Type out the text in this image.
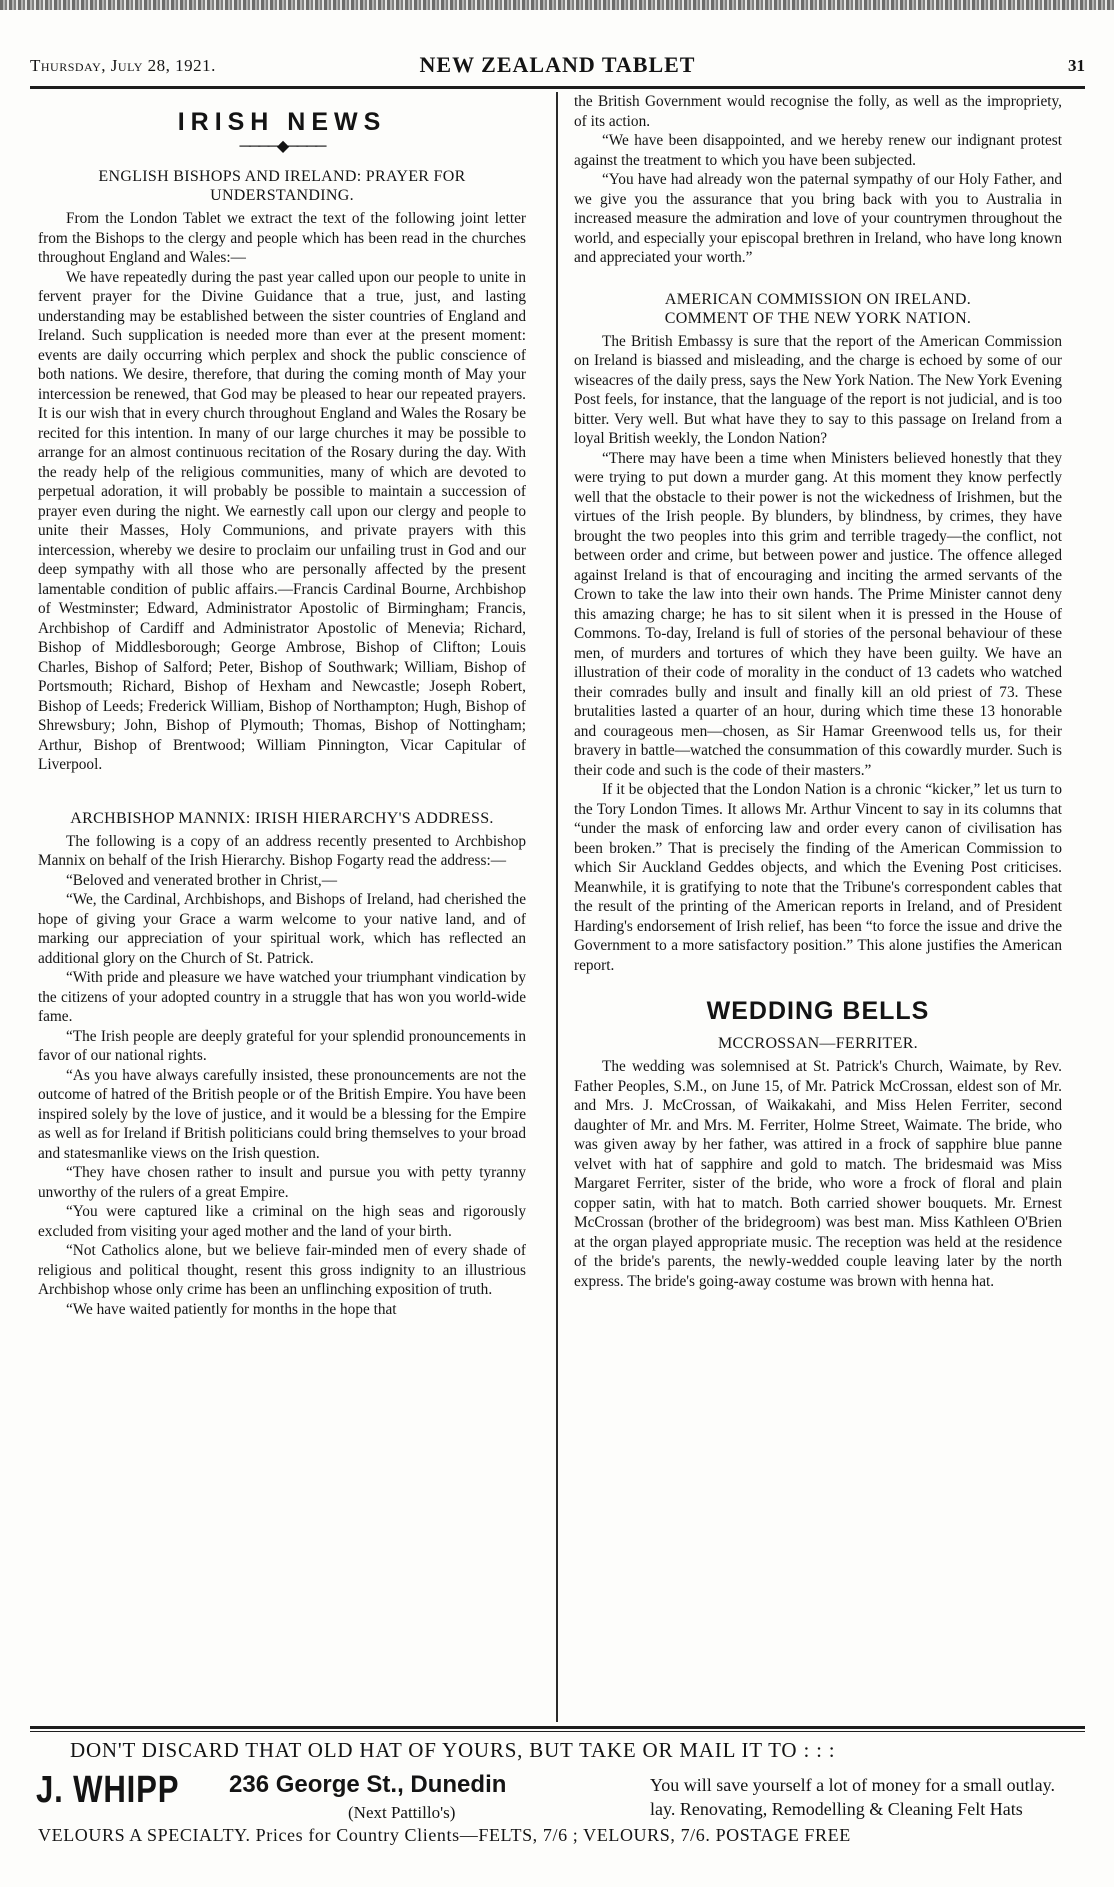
Thursday, July 28, 1921.	NEW ZEALAND TABLET	31
IRISH NEWS
────◆────
ENGLISH BISHOPS AND IRELAND: PRAYER FOR UNDERSTANDING.

From the London Tablet we extract the text of the following joint letter from the Bishops to the clergy and people which has been read in the churches throughout England and Wales:—

We have repeatedly during the past year called upon our people to unite in fervent prayer for the Divine Guidance that a true, just, and lasting understanding may be established between the sister countries of England and Ireland. Such supplication is needed more than ever at the present moment: events are daily occurring which perplex and shock the public conscience of both nations. We desire, therefore, that during the coming month of May your intercession be renewed, that God may be pleased to hear our repeated prayers. It is our wish that in every church throughout England and Wales the Rosary be recited for this intention. In many of our large churches it may be possible to arrange for an almost continuous recitation of the Rosary during the day. With the ready help of the religious communities, many of which are devoted to perpetual adoration, it will probably be possible to maintain a succession of prayer even during the night. We earnestly call upon our clergy and people to unite their Masses, Holy Communions, and private prayers with this intercession, whereby we desire to proclaim our unfailing trust in God and our deep sympathy with all those who are personally affected by the present lamentable condition of public affairs.—Francis Cardinal Bourne, Archbishop of Westminster; Edward, Administrator Apostolic of Birmingham; Francis, Archbishop of Cardiff and Administrator Apostolic of Menevia; Richard, Bishop of Middlesborough; George Ambrose, Bishop of Clifton; Louis Charles, Bishop of Salford; Peter, Bishop of Southwark; William, Bishop of Portsmouth; Richard, Bishop of Hexham and Newcastle; Joseph Robert, Bishop of Leeds; Frederick William, Bishop of Northampton; Hugh, Bishop of Shrewsbury; John, Bishop of Plymouth; Thomas, Bishop of Nottingham; Arthur, Bishop of Brentwood; William Pinnington, Vicar Capitular of Liverpool.

ARCHBISHOP MANNIX: IRISH HIERARCHY'S ADDRESS.

The following is a copy of an address recently presented to Archbishop Mannix on behalf of the Irish Hierarchy. Bishop Fogarty read the address:—

“Beloved and venerated brother in Christ,—

“We, the Cardinal, Archbishops, and Bishops of Ireland, had cherished the hope of giving your Grace a warm welcome to your native land, and of marking our appreciation of your spiritual work, which has reflected an additional glory on the Church of St. Patrick.

“With pride and pleasure we have watched your triumphant vindication by the citizens of your adopted country in a struggle that has won you world-wide fame.

“The Irish people are deeply grateful for your splendid pronouncements in favor of our national rights.

“As you have always carefully insisted, these pronouncements are not the outcome of hatred of the British people or of the British Empire. You have been inspired solely by the love of justice, and it would be a blessing for the Empire as well as for Ireland if British politicians could bring themselves to your broad and statesmanlike views on the Irish question.

“They have chosen rather to insult and pursue you with petty tyranny unworthy of the rulers of a great Empire.

“You were captured like a criminal on the high seas and rigorously excluded from visiting your aged mother and the land of your birth.

“Not Catholics alone, but we believe fair-minded men of every shade of religious and political thought, resent this gross indignity to an illustrious Archbishop whose only crime has been an unflinching exposition of truth.

“We have waited patiently for months in the hope that

the British Government would recognise the folly, as well as the impropriety, of its action.

“We have been disappointed, and we hereby renew our indignant protest against the treatment to which you have been subjected.

“You have had already won the paternal sympathy of our Holy Father, and we give you the assurance that you bring back with you to Australia in increased measure the admiration and love of your countrymen throughout the world, and especially your episcopal brethren in Ireland, who have long known and appreciated your worth.”

AMERICAN COMMISSION ON IRELAND.
COMMENT OF THE NEW YORK NATION.

The British Embassy is sure that the report of the American Commission on Ireland is biassed and misleading, and the charge is echoed by some of our wiseacres of the daily press, says the New York Nation. The New York Evening Post feels, for instance, that the language of the report is not judicial, and is too bitter. Very well. But what have they to say to this passage on Ireland from a loyal British weekly, the London Nation?

“There may have been a time when Ministers believed honestly that they were trying to put down a murder gang. At this moment they know perfectly well that the obstacle to their power is not the wickedness of Irishmen, but the virtues of the Irish people. By blunders, by blindness, by crimes, they have brought the two peoples into this grim and terrible tragedy—the conflict, not between order and crime, but between power and justice. The offence alleged against Ireland is that of encouraging and inciting the armed servants of the Crown to take the law into their own hands. The Prime Minister cannot deny this amazing charge; he has to sit silent when it is pressed in the House of Commons. To-day, Ireland is full of stories of the personal behaviour of these men, of murders and tortures of which they have been guilty. We have an illustration of their code of morality in the conduct of 13 cadets who watched their comrades bully and insult and finally kill an old priest of 73. These brutalities lasted a quarter of an hour, during which time these 13 honorable and courageous men—chosen, as Sir Hamar Greenwood tells us, for their bravery in battle—watched the consummation of this cowardly murder. Such is their code and such is the code of their masters.”

If it be objected that the London Nation is a chronic “kicker,” let us turn to the Tory London Times. It allows Mr. Arthur Vincent to say in its columns that “under the mask of enforcing law and order every canon of civilisation has been broken.” That is precisely the finding of the American Commission to which Sir Auckland Geddes objects, and which the Evening Post criticises. Meanwhile, it is gratifying to note that the Tribune's correspondent cables that the result of the printing of the American reports in Ireland, and of President Harding's endorsement of Irish relief, has been “to force the issue and drive the Government to a more satisfactory position.” This alone justifies the American report.

WEDDING BELLS
MCCROSSAN—FERRITER.

The wedding was solemnised at St. Patrick's Church, Waimate, by Rev. Father Peoples, S.M., on June 15, of Mr. Patrick McCrossan, eldest son of Mr. and Mrs. J. McCrossan, of Waikakahi, and Miss Helen Ferriter, second daughter of Mr. and Mrs. M. Ferriter, Holme Street, Waimate. The bride, who was given away by her father, was attired in a frock of sapphire blue panne velvet with hat of sapphire and gold to match. The bridesmaid was Miss Margaret Ferriter, sister of the bride, who wore a frock of floral and plain copper satin, with hat to match. Both carried shower bouquets. Mr. Ernest McCrossan (brother of the bridegroom) was best man. Miss Kathleen O'Brien at the organ played appropriate music. The reception was held at the residence of the bride's parents, the newly-wedded couple leaving later by the north express. The bride's going-away costume was brown with henna hat.

DON'T DISCARD THAT OLD HAT OF YOURS, BUT TAKE OR MAIL IT TO : : :
J. WHIPP 236 George St., Dunedin
(Next Pattillo's)
You will save yourself a lot of money for a small outlay.
lay. Renovating, Remodelling & Cleaning Felt Hats
VELOURS A SPECIALTY. Prices for Country Clients—FELTS, 7/6 ; VELOURS, 7/6. POSTAGE FREE
